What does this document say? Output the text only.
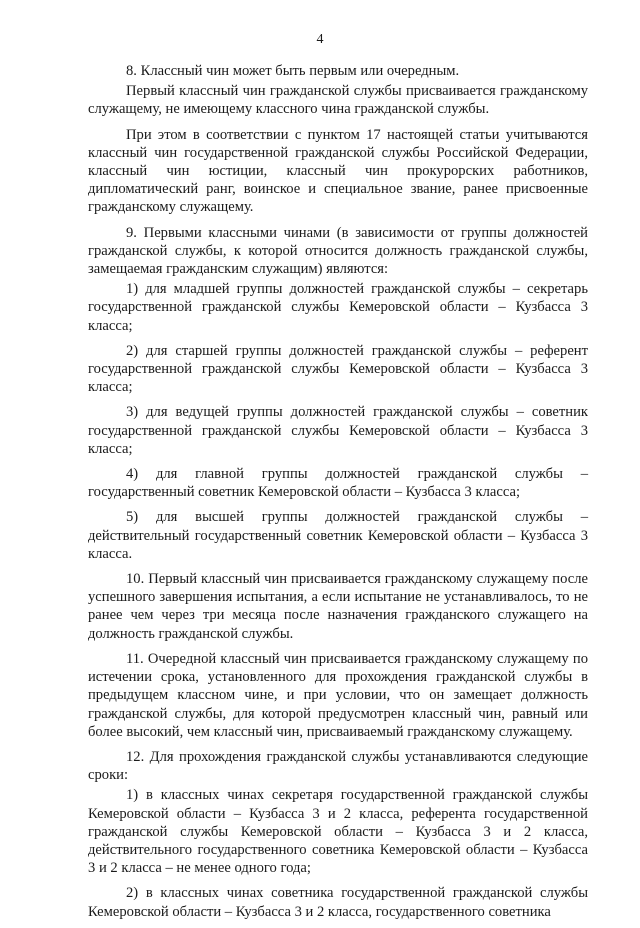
4

8. Классный чин может быть первым или очередным.

Первый классный чин гражданской службы присваивается гражданскому служащему, не имеющему классного чина гражданской службы.

При этом в соответствии с пунктом 17 настоящей статьи учитываются классный чин государственной гражданской службы Российской Федерации, классный чин юстиции, классный чин прокурорских работников, дипломатический ранг, воинское и специальное звание, ранее присвоенные гражданскому служащему.

9. Первыми классными чинами (в зависимости от группы должностей гражданской службы, к которой относится должность гражданской службы, замещаемая гражданским служащим) являются:

1) для младшей группы должностей гражданской службы – секретарь государственной гражданской службы Кемеровской области – Кузбасса 3 класса;

2) для старшей группы должностей гражданской службы – референт государственной гражданской службы Кемеровской области – Кузбасса 3 класса;

3) для ведущей группы должностей гражданской службы – советник государственной гражданской службы Кемеровской области – Кузбасса 3 класса;

4) для главной группы должностей гражданской службы – государственный советник Кемеровской области – Кузбасса 3 класса;

5) для высшей группы должностей гражданской службы – действительный государственный советник Кемеровской области – Кузбасса 3 класса.

10. Первый классный чин присваивается гражданскому служащему после успешного завершения испытания, а если испытание не устанавливалось, то не ранее чем через три месяца после назначения гражданского служащего на должность гражданской службы.

11. Очередной классный чин присваивается гражданскому служащему по истечении срока, установленного для прохождения гражданской службы в предыдущем классном чине, и при условии, что он замещает должность гражданской службы, для которой предусмотрен классный чин, равный или более высокий, чем классный чин, присваиваемый гражданскому служащему.

12. Для прохождения гражданской службы устанавливаются следующие сроки:

1) в классных чинах секретаря государственной гражданской службы Кемеровской области – Кузбасса 3 и 2 класса, референта государственной гражданской службы Кемеровской области – Кузбасса 3 и 2 класса, действительного государственного советника Кемеровской области – Кузбасса 3 и 2 класса – не менее одного года;

2) в классных чинах советника государственной гражданской службы Кемеровской области – Кузбасса 3 и 2 класса, государственного советника
